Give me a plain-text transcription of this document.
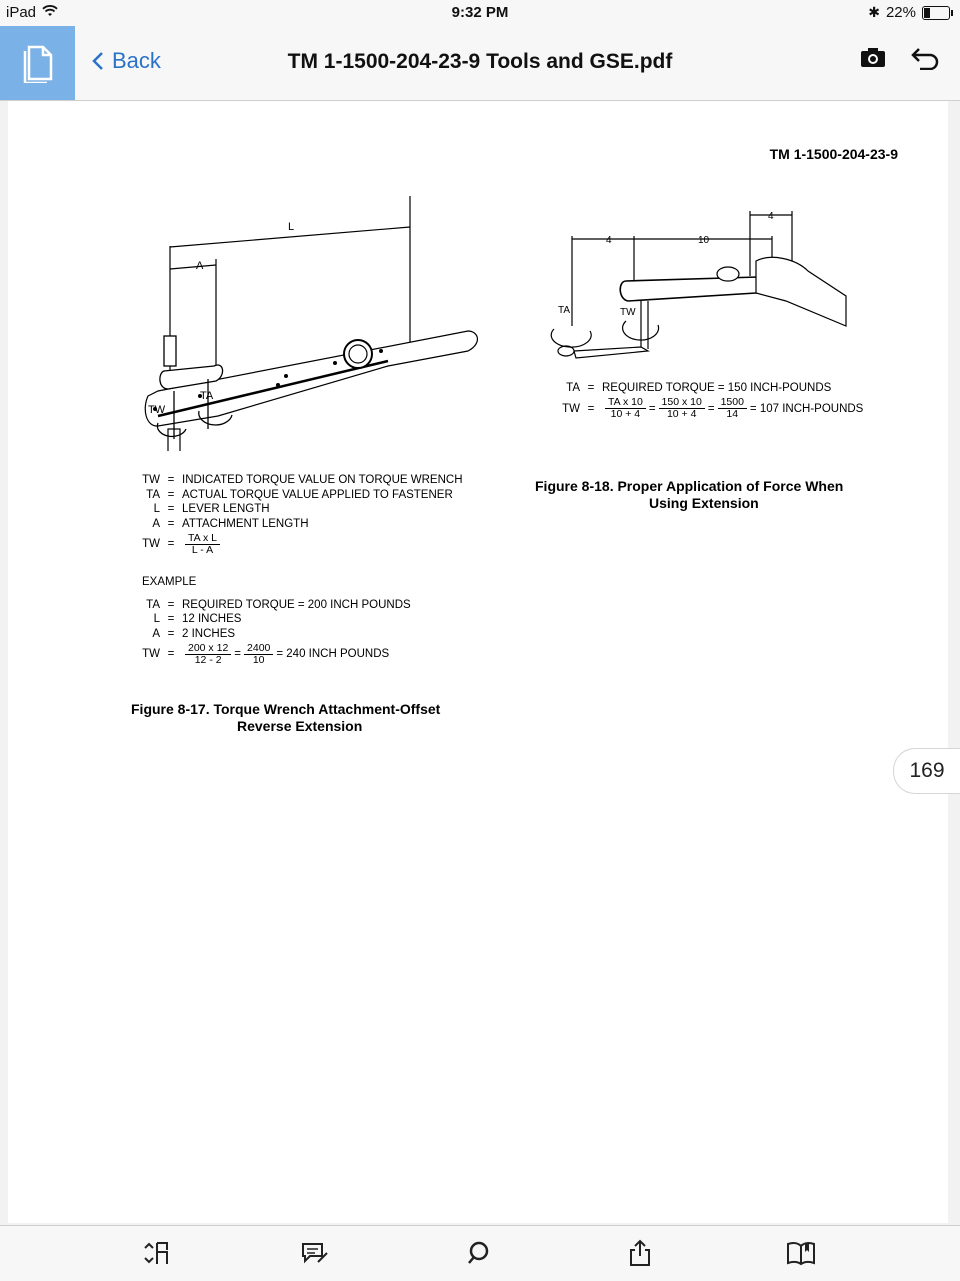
iPad	9:32 PM	✱ 22%
Back	TM 1-1500-204-23-9 Tools and GSE.pdf
TM 1-1500-204-23-9
L
A
TW
TA
TW = INDICATED TORQUE VALUE ON TORQUE WRENCH
TA = ACTUAL TORQUE VALUE APPLIED TO FASTENER
L = LEVER LENGTH
A = ATTACHMENT LENGTH
TW =	$\frac{\text{TA x L}}{L - A}$
EXAMPLE
TA = REQUIRED TORQUE = 200 INCH POUNDS
L = 12 INCHES
A = 2 INCHES
TW =	$\frac{200 x 12}{12 - 2} = \frac{2400}{10} = 240$ INCH POUNDS
Figure 8-17. Torque Wrench Attachment-Offset
Reverse Extension
4	10
4
TA	TW
TA = REQUIRED TORQUE = 150 INCH-POUNDS
TW =	$\frac{\text{TA x 10}}{10 + 4} = \frac{150 x 10}{10 + 4} = \frac{1500}{14} = 107$ INCH-POUNDS
Figure 8-18. Proper Application of Force When
Using Extension
169
